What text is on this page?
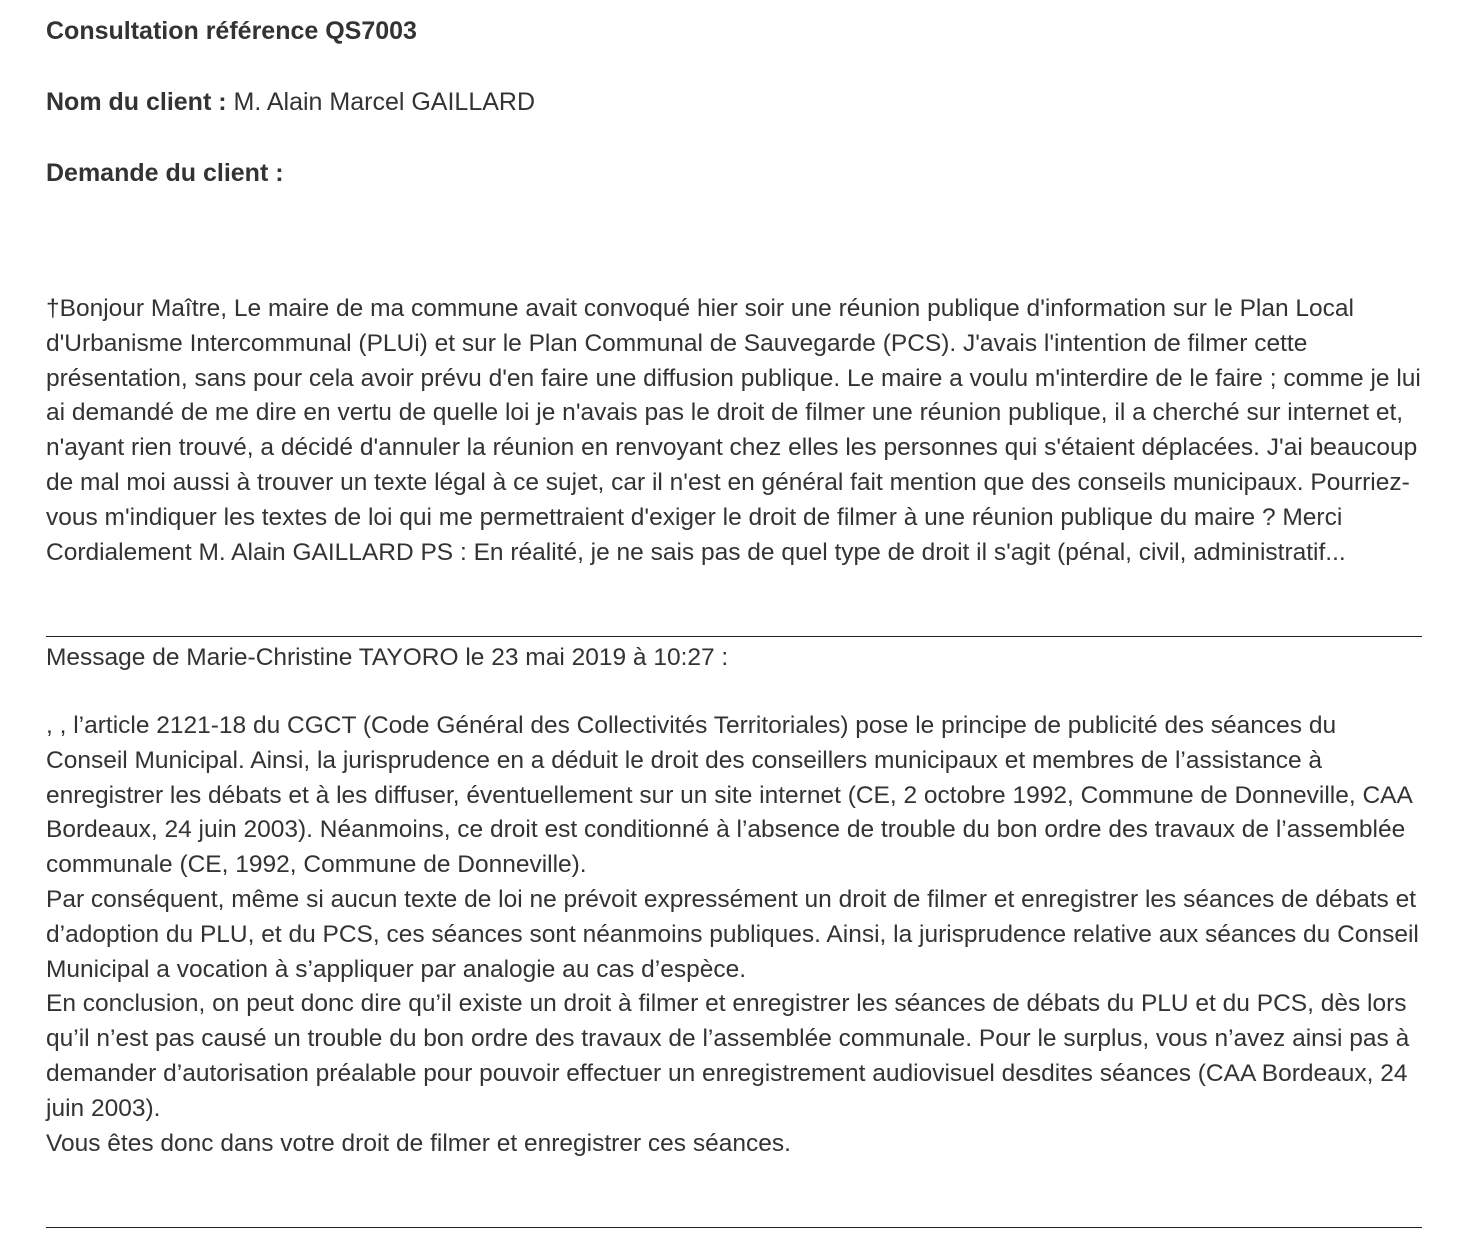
Consultation référence QS7003
Nom du client : M. Alain Marcel GAILLARD
Demande du client :
†Bonjour Maître, Le maire de ma commune avait convoqué hier soir une réunion publique d'information sur le Plan Local d'Urbanisme Intercommunal (PLUi) et sur le Plan Communal de Sauvegarde (PCS). J'avais l'intention de filmer cette présentation, sans pour cela avoir prévu d'en faire une diffusion publique. Le maire a voulu m'interdire de le faire ; comme je lui ai demandé de me dire en vertu de quelle loi je n'avais pas le droit de filmer une réunion publique, il a cherché sur internet et, n'ayant rien trouvé, a décidé d'annuler la réunion en renvoyant chez elles les personnes qui s'étaient déplacées. J'ai beaucoup de mal moi aussi à trouver un texte légal à ce sujet, car il n'est en général fait mention que des conseils municipaux. Pourriez-vous m'indiquer les textes de loi qui me permettraient d'exiger le droit de filmer à une réunion publique du maire ? Merci Cordialement M. Alain GAILLARD PS : En réalité, je ne sais pas de quel type de droit il s'agit (pénal, civil, administratif...
Message de Marie-Christine TAYORO le 23 mai 2019 à 10:27 :

, , l’article 2121-18 du CGCT (Code Général des Collectivités Territoriales) pose le principe de publicité des séances du Conseil Municipal. Ainsi, la jurisprudence en a déduit le droit des conseillers municipaux et membres de l’assistance à enregistrer les débats et à les diffuser, éventuellement sur un site internet (CE, 2 octobre 1992, Commune de Donneville, CAA Bordeaux, 24 juin 2003). Néanmoins, ce droit est conditionné à l’absence de trouble du bon ordre des travaux de l’assemblée communale (CE, 1992, Commune de Donneville).

Par conséquent, même si aucun texte de loi ne prévoit expressément un droit de filmer et enregistrer les séances de débats et d’adoption du PLU, et du PCS, ces séances sont néanmoins publiques. Ainsi, la jurisprudence relative aux séances du Conseil Municipal a vocation à s’appliquer par analogie au cas d’espèce.

En conclusion, on peut donc dire qu’il existe un droit à filmer et enregistrer les séances de débats du PLU et du PCS, dès lors qu’il n’est pas causé un trouble du bon ordre des travaux de l’assemblée communale. Pour le surplus, vous n’avez ainsi pas à demander d’autorisation préalable pour pouvoir effectuer un enregistrement audiovisuel desdites séances (CAA Bordeaux, 24 juin 2003).

Vous êtes donc dans votre droit de filmer et enregistrer ces séances.
